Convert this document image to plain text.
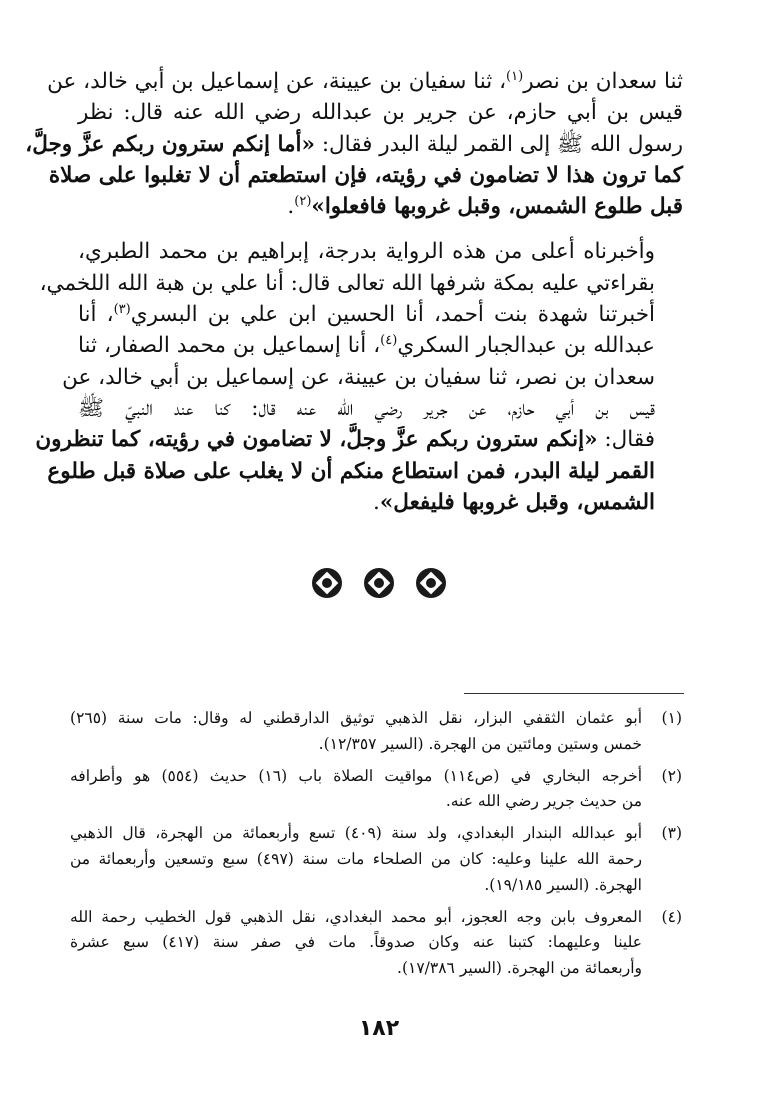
ثنا سعدان بن نصر$^{(١)}$، ثنا سفيان بن عيينة، عن إسماعيل بن أبي خالد، عن
قيس بن أبي حازم، عن جرير بن عبدالله رضي الله عنه قال: نظر
رسول الله ﷺ إلى القمر ليلة البدر فقال: «أما إنكم سترون ربكم عزَّ وجلَّ،
كما ترون هذا لا تضامون في رؤيته، فإن استطعتم أن لا تغلبوا على صلاة
قبل طلوع الشمس، وقبل غروبها فافعلوا»$^{(٢)}$.
وأخبرناه أعلى من هذه الرواية بدرجة، إبراهيم بن محمد الطبري،
بقراءتي عليه بمكة شرفها الله تعالى قال: أنا علي بن هبة الله اللخمي،
أخبرتنا شهدة بنت أحمد، أنا الحسين ابن علي بن البسري$^{(٣)}$، أنا
عبدالله بن عبدالجبار السكري$^{(٤)}$، أنا إسماعيل بن محمد الصفار، ثنا
سعدان بن نصر، ثنا سفيان بن عيينة، عن إسماعيل بن أبي خالد، عن
قيس بن أبي حازم، عن جرير رضي الله عنه قال: كنا عند النبيّ ﷺ
فقال: «إنكم سترون ربكم عزَّ وجلَّ، لا تضامون في رؤيته، كما تنظرون
القمر ليلة البدر، فمن استطاع منكم أن لا يغلب على صلاة قبل طلوع
الشمس، وقبل غروبها فليفعل».
(١)
أبو عثمان الثقفي البزار، نقل الذهبي توثيق الدارقطني له وقال: مات سنة (٢٦٥)
خمس وستين ومائتين من الهجرة. (السير ١٢/٣٥٧).
(٢)
أخرجه البخاري في (ص١١٤) مواقيت الصلاة باب (١٦) حديث (٥٥٤) هو وأطرافه
من حديث جرير رضي الله عنه.
(٣)
أبو عبدالله البندار البغدادي، ولد سنة (٤٠٩) تسع وأربعمائة من الهجرة، قال الذهبي
رحمة الله علينا وعليه: كان من الصلحاء مات سنة (٤٩٧) سبع وتسعين وأربعمائة من
الهجرة. (السير ١٩/١٨٥).
(٤)
المعروف بابن وجه العجوز، أبو محمد البغدادي، نقل الذهبي قول الخطيب رحمة الله
علينا وعليهما: كتبنا عنه وكان صدوقاً. مات في صفر سنة (٤١٧) سبع عشرة
وأربعمائة من الهجرة. (السير ١٧/٣٨٦).
١٨٢
